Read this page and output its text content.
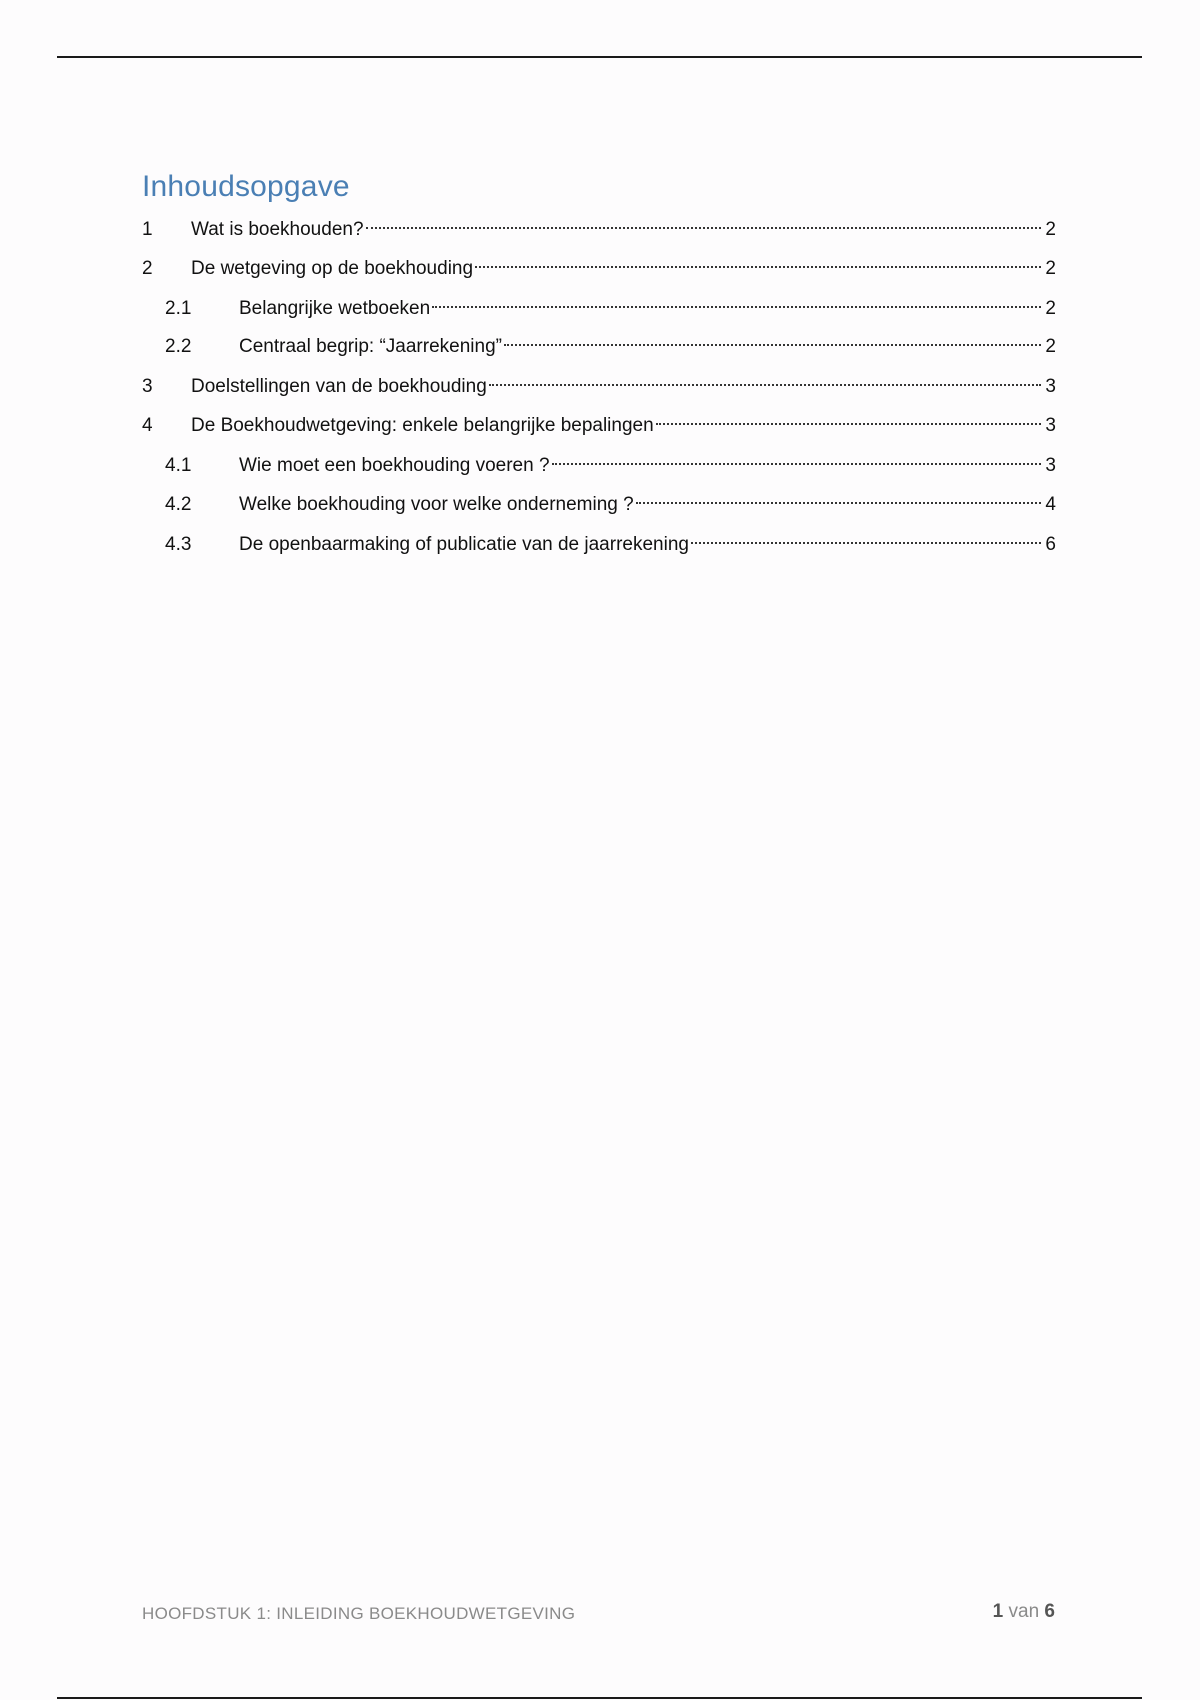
Inhoudsopgave
1	Wat is boekhouden?	2
2	De wetgeving op de boekhouding	2
2.1	Belangrijke wetboeken	2
2.2	Centraal begrip: “Jaarrekening”	2
3	Doelstellingen van de boekhouding	3
4	De Boekhoudwetgeving: enkele belangrijke bepalingen	3
4.1	Wie moet een boekhouding voeren ?	3
4.2	Welke boekhouding voor welke onderneming ?	4
4.3	De openbaarmaking of publicatie van de jaarrekening	6
HOOFDSTUK 1: INLEIDING BOEKHOUDWETGEVING	1 van 6
